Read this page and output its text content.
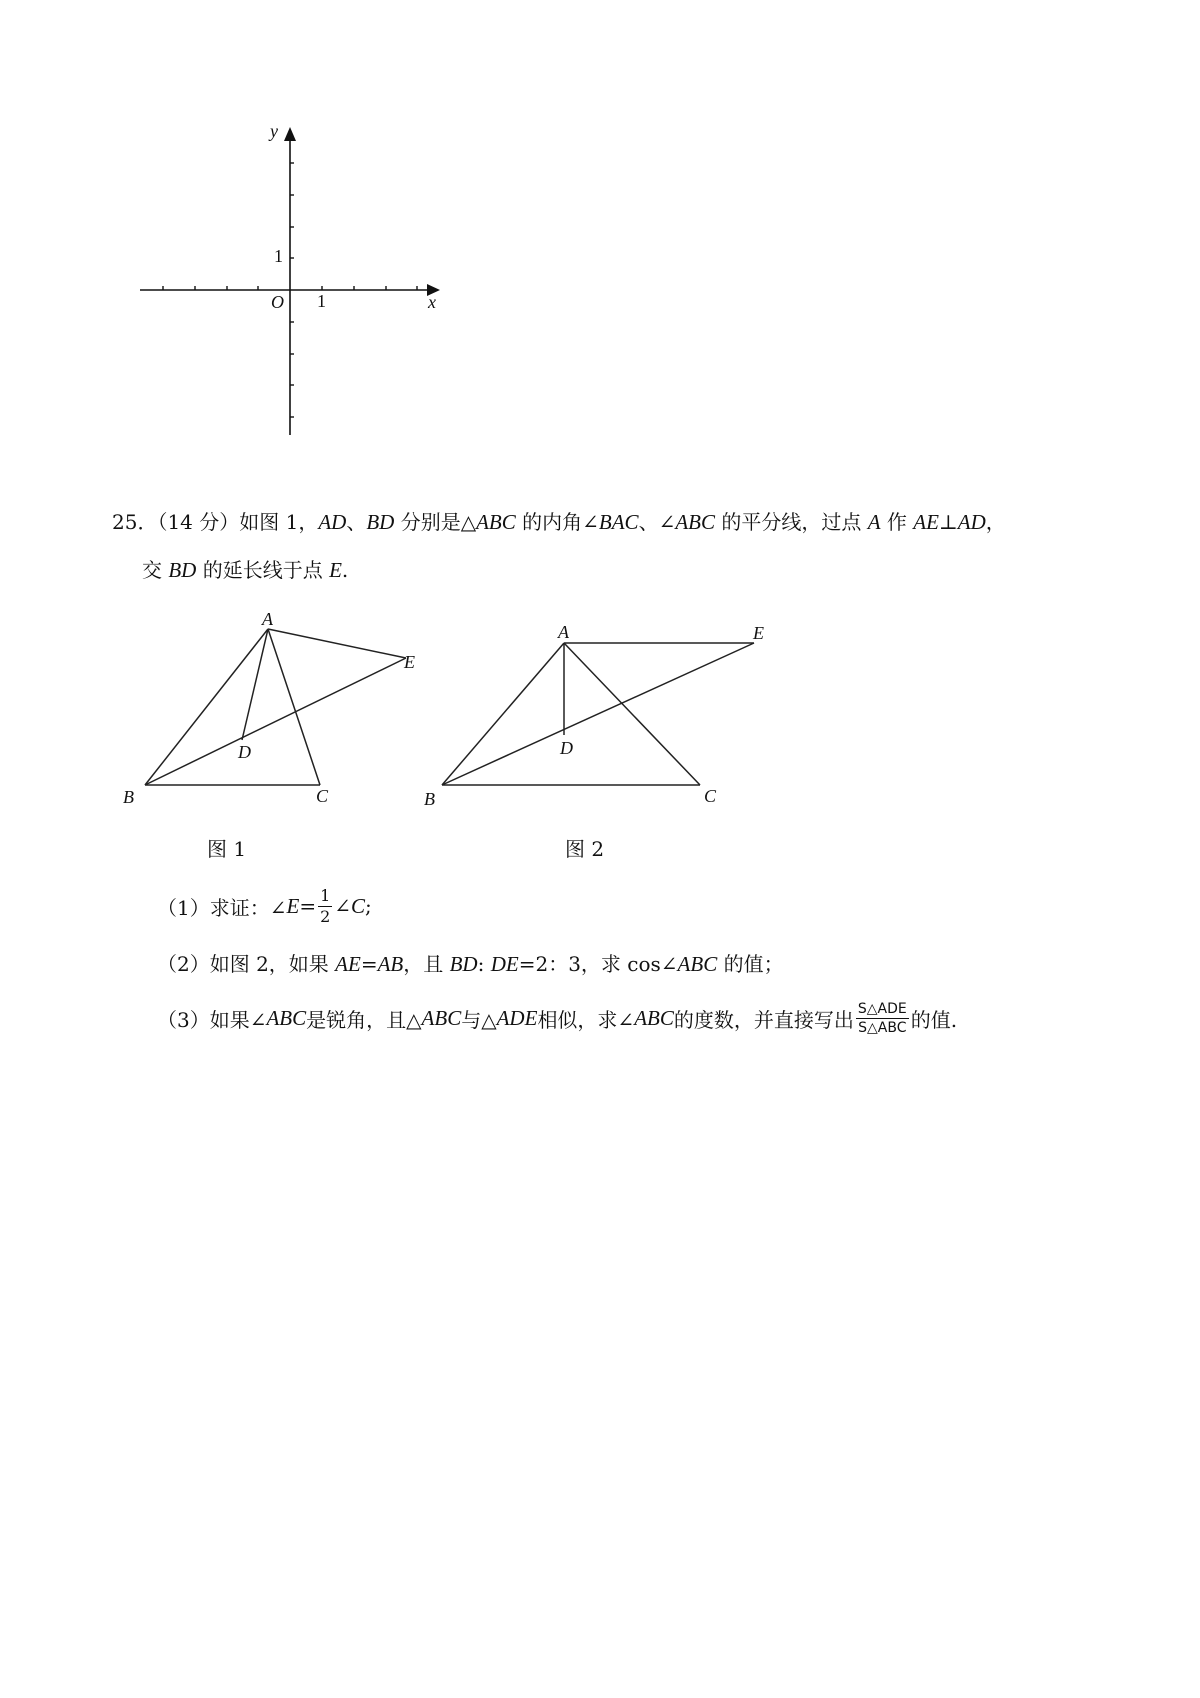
y
x
O 1
1
25．（14 分）如图 1，AD、BD 分别是△ABC 的内角∠BAC、∠ABC 的平分线，过点 A 作 AE⊥AD，
交 BD 的延长线于点 E.
A
B	C
D
E
图 1
A
B	C
D
E
图 2
（1）求证：∠ $E = \frac{1}{2}$ ∠ C ;
（2）如图 2，如果 AE=AB，且 BD: DE=2：3，求 cos∠ABC 的值；
（3）如果∠ ABC 是锐角，且△ ABC 与△ ADE 相似，求∠ ABC 的度数，并直接写出 $\frac{\text{S△ADE}}{\text{S△ABC}}$ 的值.
